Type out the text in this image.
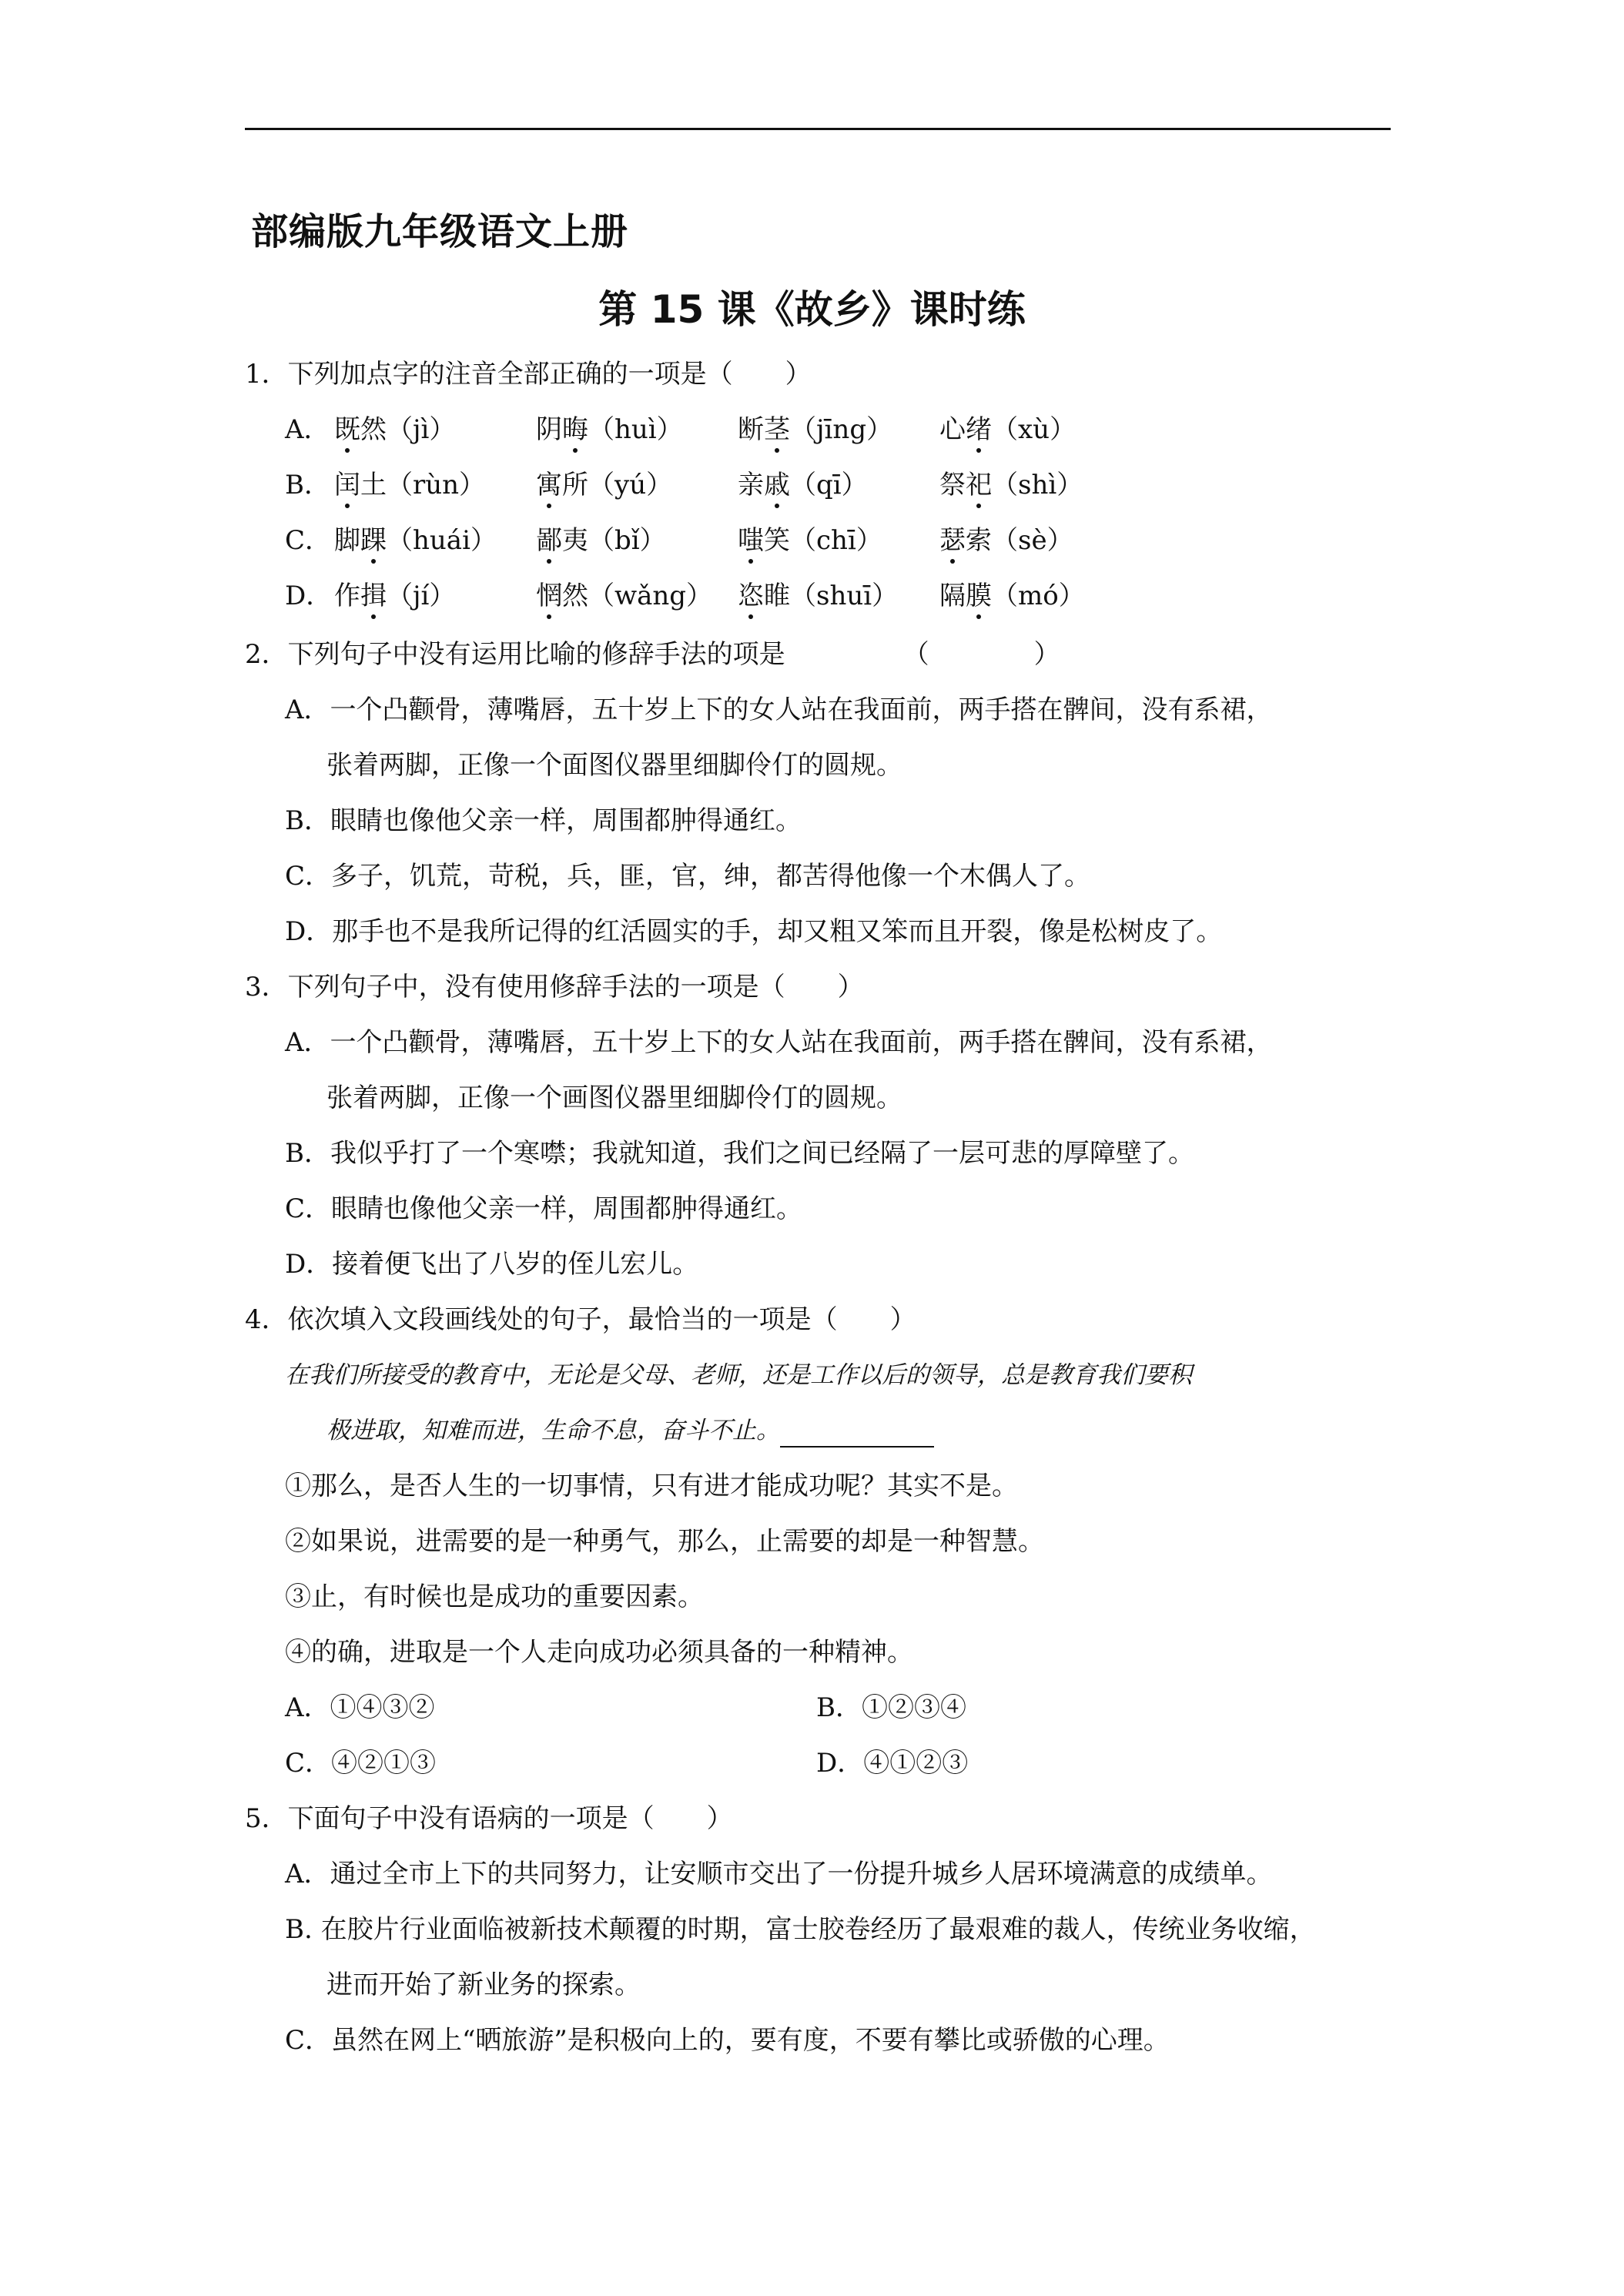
部编版九年级语文上册
第 15 课《故乡》课时练
1．下列加点字的注音全部正确的一项是（　　）
A． 既然（jì）	阴晦（huì） 断茎（jīng） 心绪（xù）
B． 闰土（rùn） 寓所（yú） 亲戚（qī）	祭祀（shì）
C． 脚踝（huái） 鄙夷（bǐ）	嗤笑（chī） 瑟索（sè）
D． 作揖（jí）	惘然（wǎng） 恣睢（shuī） 隔膜（mó）
2．下列句子中没有运用比喻的修辞手法的项是　　　　　（　　　　）
A．一个凸颧骨，薄嘴唇，五十岁上下的女人站在我面前，两手搭在髀间，没有系裙，
张着两脚，正像一个面图仪器里细脚伶仃的圆规。
B．眼睛也像他父亲一样，周围都肿得通红。
C．多子，饥荒，苛税，兵，匪，官，绅，都苦得他像一个木偶人了。
D．那手也不是我所记得的红活圆实的手，却又粗又笨而且开裂，像是松树皮了。
3．下列句子中，没有使用修辞手法的一项是（　　）
A．一个凸颧骨，薄嘴唇，五十岁上下的女人站在我面前，两手搭在髀间，没有系裙，
张着两脚，正像一个画图仪器里细脚伶仃的圆规。
B．我似乎打了一个寒噤；我就知道，我们之间已经隔了一层可悲的厚障壁了。
C．眼睛也像他父亲一样，周围都肿得通红。
D．接着便飞出了八岁的侄儿宏儿。
4．依次填入文段画线处的句子，最恰当的一项是（　　）
在我们所接受的教育中，无论是父母、老师，还是工作以后的领导，总是教育我们要积
极进取，知难而进，生命不息，奋斗不止。
①那么，是否人生的一切事情，只有进才能成功呢？其实不是。
②如果说，进需要的是一种勇气，那么，止需要的却是一种智慧。
③止，有时候也是成功的重要因素。
④的确，进取是一个人走向成功必须具备的一种精神。
A．①④③②	B．①②③④
C．④②①③	D．④①②③
5．下面句子中没有语病的一项是（　　）
A．通过全市上下的共同努力，让安顺市交出了一份提升城乡人居环境满意的成绩单。
B. 在胶片行业面临被新技术颠覆的时期，富士胶卷经历了最艰难的裁人，传统业务收缩，
进而开始了新业务的探索。
C．虽然在网上“晒旅游”是积极向上的，要有度，不要有攀比或骄傲的心理。
